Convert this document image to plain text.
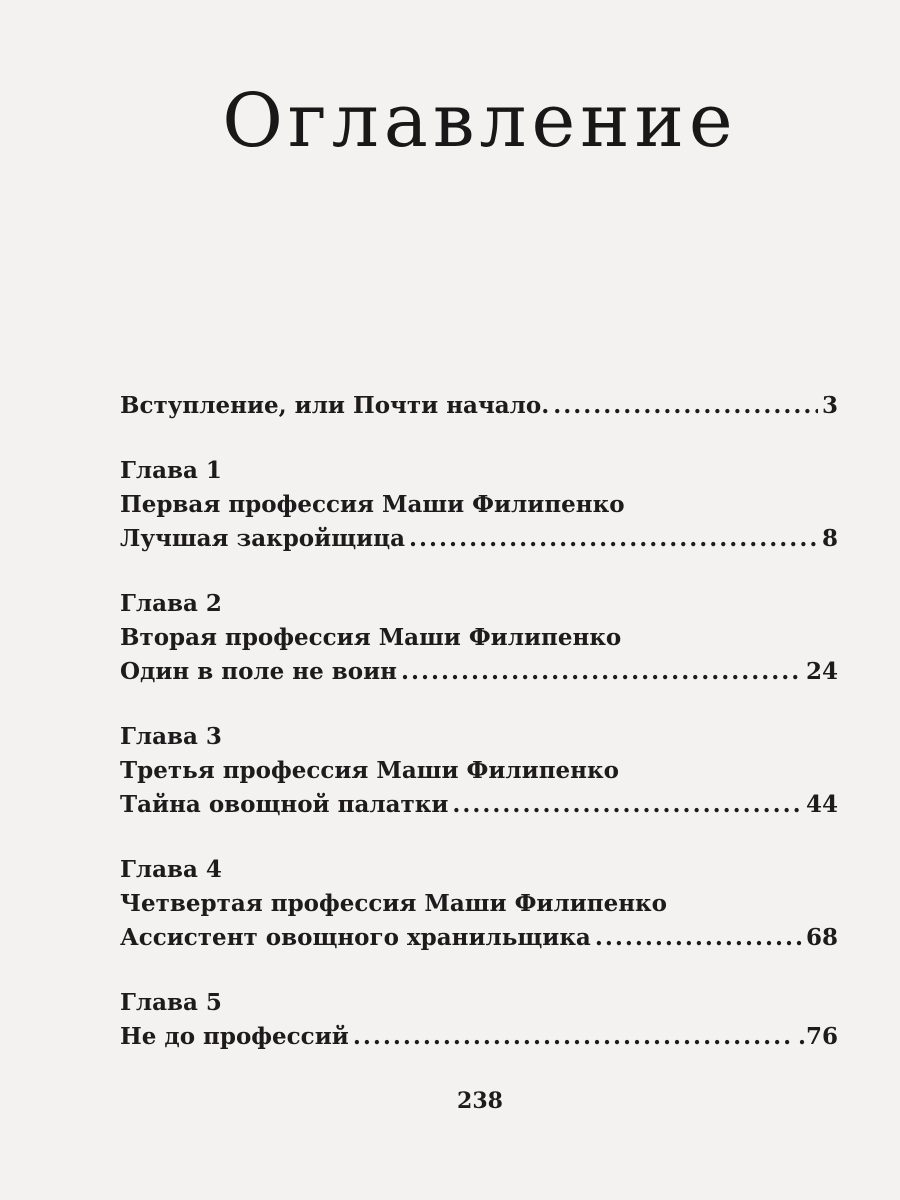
Оглавление
Вступление, или Почти начало. .....	3
Глава 1
Первая профессия Маши Филипенко
Лучшая закройщица .....	8
Глава 2
Вторая профессия Маши Филипенко
Один в поле не воин .....	24
Глава 3
Третья профессия Маши Филипенко
Тайна овощной палатки .....	44
Глава 4
Четвертая профессия Маши Филипенко
Ассистент овощного хранильщика .....	68
Глава 5
Не до профессий .....	.76
238
